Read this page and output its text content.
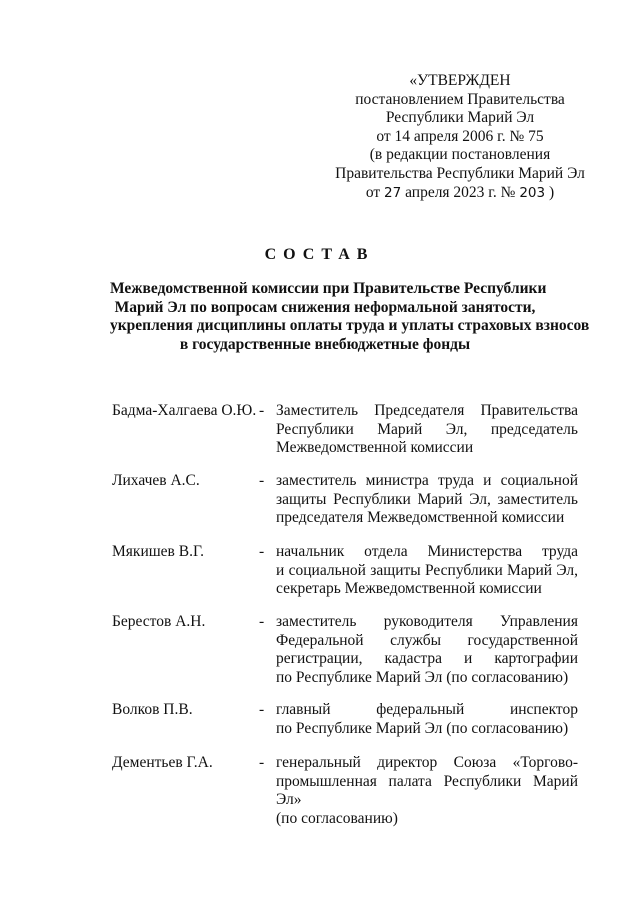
«УТВЕРЖДЕН
постановлением Правительства
Республики Марий Эл
от 14 апреля 2006 г. № 75
(в редакции постановления
Правительства Республики Марий Эл
от 27 апреля 2023 г. № 203 )
СОСТАВ
Межведомственной комиссии при Правительстве Республики
Марий Эл по вопросам снижения неформальной занятости,
укрепления дисциплины оплаты труда и уплаты страховых взносов
в государственные внебюджетные фонды
Бадма-Халгаева О.Ю. - Заместитель Председателя Правительства
Республики Марий Эл, председатель
Межведомственной комиссии
Лихачев А.С.	- заместитель министра труда и социальной
защиты Республики Марий Эл, заместитель
председателя Межведомственной комиссии
Мякишев В.Г.	- начальник отдела Министерства труда
и социальной защиты Республики Марий Эл,
секретарь Межведомственной комиссии
Берестов А.Н.	- заместитель руководителя Управления
Федеральной службы государственной
регистрации, кадастра и картографии
по Республике Марий Эл (по согласованию)
Волков П.В.	- главный федеральный инспектор
по Республике Марий Эл (по согласованию)
Дементьев Г.А.	- генеральный директор Союза «Торгово-
промышленная палата Республики Марий Эл»
(по согласованию)
